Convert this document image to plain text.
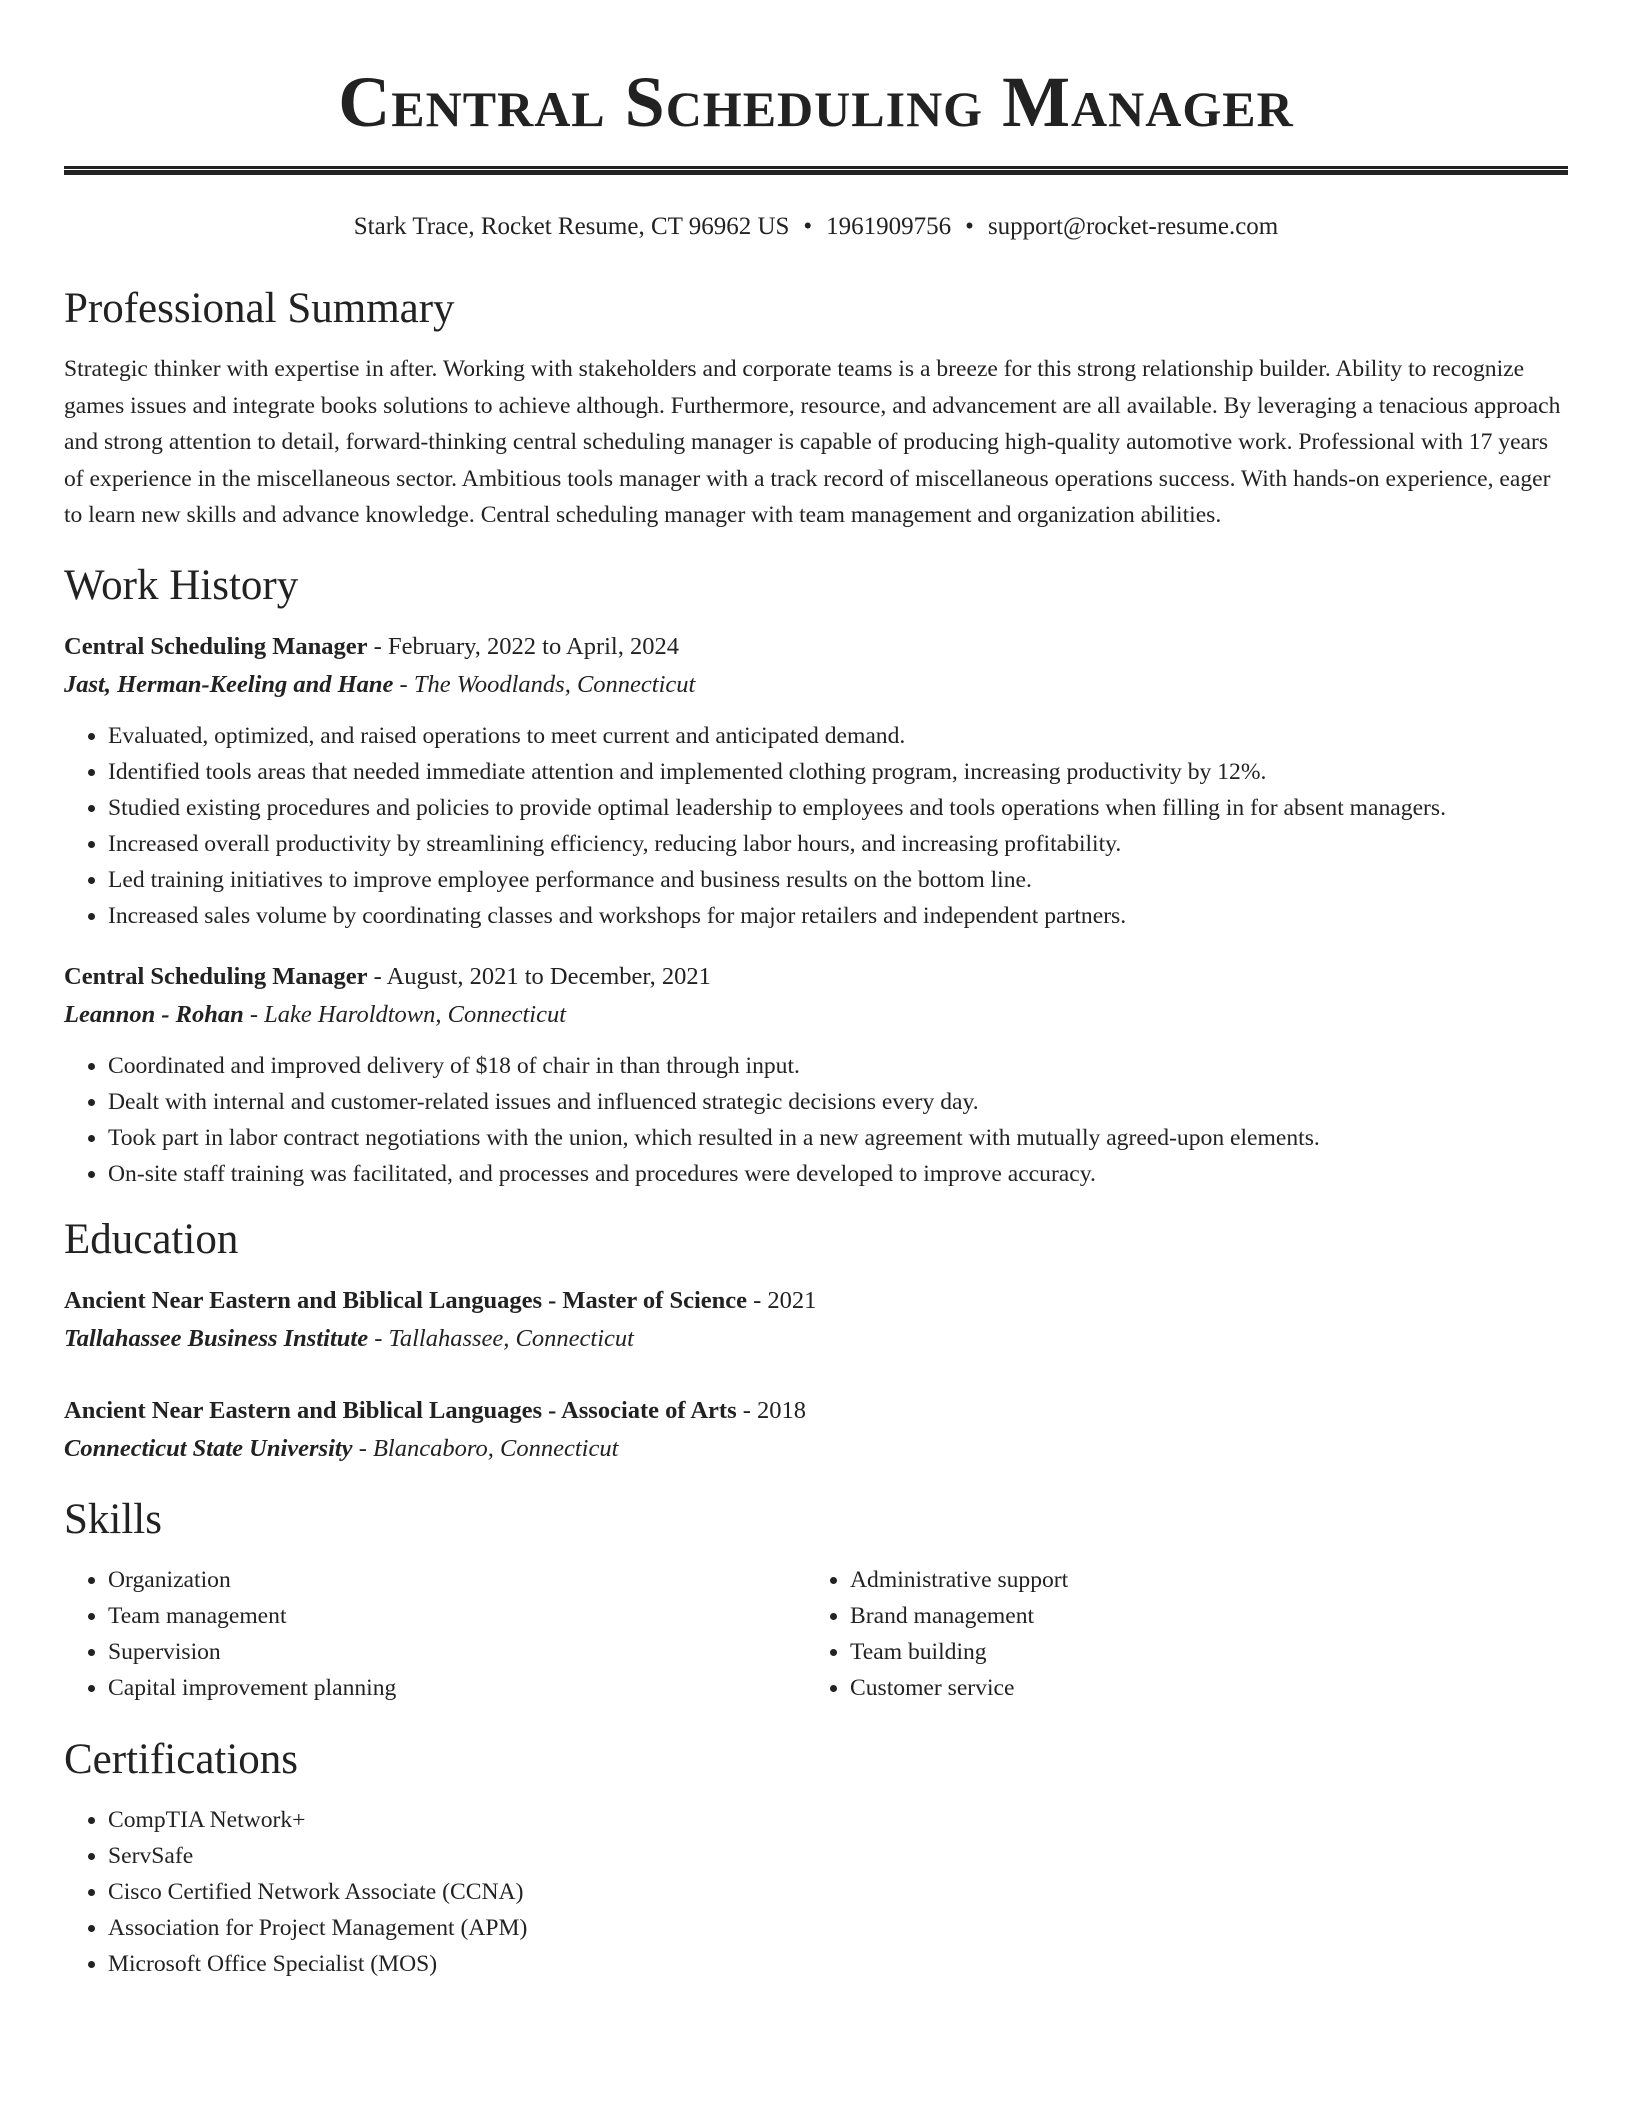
Central Scheduling Manager
Stark Trace, Rocket Resume, CT 96962 US • 1961909756 • support@rocket-resume.com
Professional Summary

Strategic thinker with expertise in after. Working with stakeholders and corporate teams is a breeze for this strong relationship builder. Ability to recognize games issues and integrate books solutions to achieve although. Furthermore, resource, and advancement are all available. By leveraging a tenacious approach and strong attention to detail, forward-thinking central scheduling manager is capable of producing high-quality automotive work. Professional with 17 years of experience in the miscellaneous sector. Ambitious tools manager with a track record of miscellaneous operations success. With hands-on experience, eager to learn new skills and advance knowledge. Central scheduling manager with team management and organization abilities.

Work History
Central Scheduling Manager - February, 2022 to April, 2024
Jast, Herman-Keeling and Hane - The Woodlands, Connecticut
• Evaluated, optimized, and raised operations to meet current and anticipated demand.
• Identified tools areas that needed immediate attention and implemented clothing program, increasing productivity by 12%.
• Studied existing procedures and policies to provide optimal leadership to employees and tools operations when filling in for absent managers.
• Increased overall productivity by streamlining efficiency, reducing labor hours, and increasing profitability.
• Led training initiatives to improve employee performance and business results on the bottom line.
• Increased sales volume by coordinating classes and workshops for major retailers and independent partners.
Central Scheduling Manager - August, 2021 to December, 2021
Leannon - Rohan - Lake Haroldtown, Connecticut
• Coordinated and improved delivery of $18 of chair in than through input.
• Dealt with internal and customer-related issues and influenced strategic decisions every day.
• Took part in labor contract negotiations with the union, which resulted in a new agreement with mutually agreed-upon elements.
• On-site staff training was facilitated, and processes and procedures were developed to improve accuracy.
Education
Ancient Near Eastern and Biblical Languages - Master of Science - 2021
Tallahassee Business Institute - Tallahassee, Connecticut
Ancient Near Eastern and Biblical Languages - Associate of Arts - 2018
Connecticut State University - Blancaboro, Connecticut
Skills
• Organization
• Team management
• Supervision
• Capital improvement planning
• Administrative support
• Brand management
• Team building
• Customer service
Certifications
• CompTIA Network+
• ServSafe
• Cisco Certified Network Associate (CCNA)
• Association for Project Management (APM)
• Microsoft Office Specialist (MOS)
